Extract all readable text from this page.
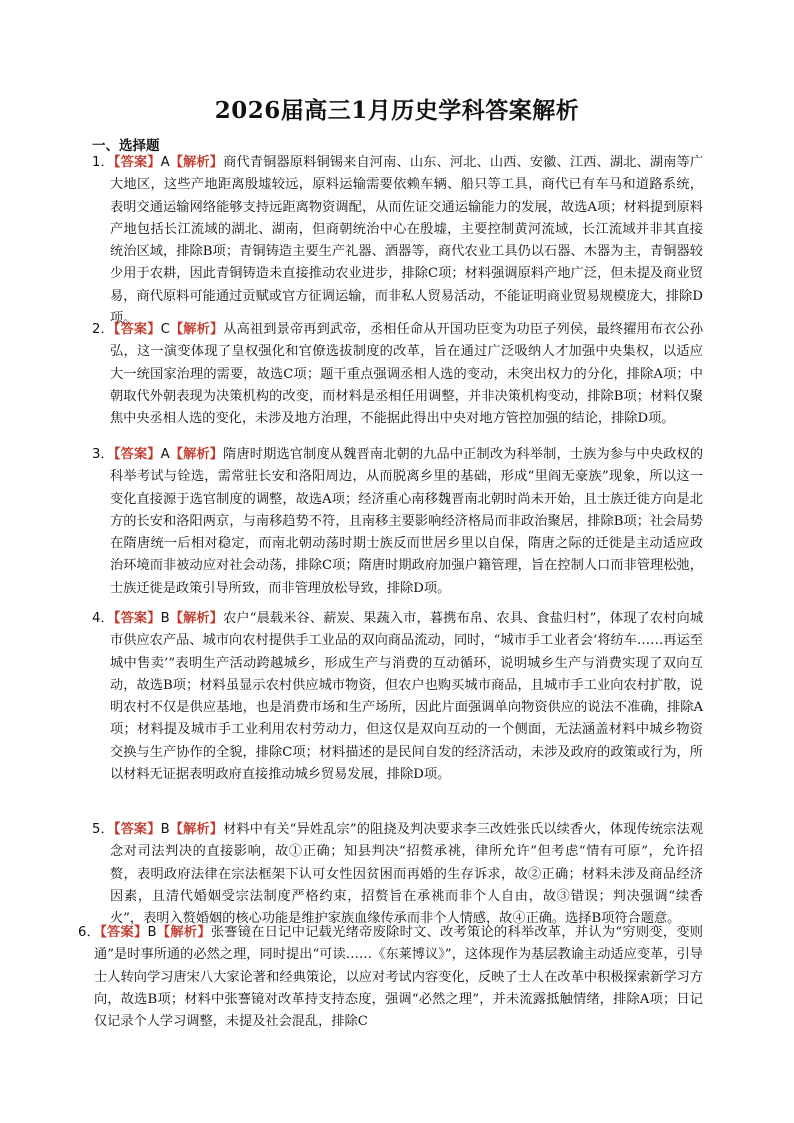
2026届高三1月历史学科答案解析
一、选择题
1．【答案】A【解析】商代青铜器原料铜锡来自河南、山东、河北、山西、安徽、江西、湖北、湖南等广大地区，这些产地距离殷墟较远，原料运输需要依赖车辆、船只等工具，商代已有车马和道路系统，表明交通运输网络能够支持远距离物资调配，从而佐证交通运输能力的发展，故选A项；材料提到原料产地包括长江流域的湖北、湖南，但商朝统治中心在殷墟，主要控制黄河流域，长江流域并非其直接统治区域，排除B项；青铜铸造主要生产礼器、酒器等，商代农业工具仍以石器、木器为主，青铜器较少用于农耕，因此青铜铸造未直接推动农业进步，排除C项；材料强调原料产地广泛，但未提及商业贸易，商代原料可能通过贡赋或官方征调运输，而非私人贸易活动，不能证明商业贸易规模庞大，排除D项。
2．【答案】C【解析】从高祖到景帝再到武帝，丞相任命从开国功臣变为功臣子列侯，最终擢用布衣公孙弘，这一演变体现了皇权强化和官僚选拔制度的改革，旨在通过广泛吸纳人才加强中央集权，以适应大一统国家治理的需要，故选C项；题干重点强调丞相人选的变动，未突出权力的分化，排除A项；中朝取代外朝表现为决策机构的改变，而材料是丞相任用调整，并非决策机构变动，排除B项；材料仅聚焦中央丞相人选的变化，未涉及地方治理，不能据此得出中央对地方管控加强的结论，排除D项。
3．【答案】A【解析】隋唐时期选官制度从魏晋南北朝的九品中正制改为科举制，士族为参与中央政权的科举考试与铨选，需常驻长安和洛阳周边，从而脱离乡里的基础，形成“里阎无豪族”现象，所以这一变化直接源于选官制度的调整，故选A项；经济重心南移魏晋南北朝时尚未开始，且士族迁徙方向是北方的长安和洛阳两京，与南移趋势不符，且南移主要影响经济格局而非政治聚居，排除B项；社会局势在隋唐统一后相对稳定，而南北朝动荡时期士族反而世居乡里以自保，隋唐之际的迁徙是主动适应政治环境而非被动应对社会动荡，排除C项；隋唐时期政府加强户籍管理，旨在控制人口而非管理松弛，士族迁徙是政策引导所致，而非管理放松导致，排除D项。
4．【答案】B【解析】农户“晨载米谷、薪炭、果蔬入市，暮携布帛、农具、食盐归村”，体现了农村向城市供应农产品、城市向农村提供手工业品的双向商品流动，同时，“城市手工业者会‘将纺车……再运至城中售卖’”表明生产活动跨越城乡，形成生产与消费的互动循环，说明城乡生产与消费实现了双向互动，故选B项；材料虽显示农村供应城市物资，但农户也购买城市商品，且城市手工业向农村扩散，说明农村不仅是供应基地，也是消费市场和生产场所，因此片面强调单向物资供应的说法不准确，排除A项；材料提及城市手工业利用农村劳动力，但这仅是双向互动的一个侧面，无法涵盖材料中城乡物资交换与生产协作的全貌，排除C项；材料描述的是民间自发的经济活动，未涉及政府的政策或行为，所以材料无证据表明政府直接推动城乡贸易发展，排除D项。
5．【答案】B【解析】材料中有关“异姓乱宗”的阻挠及判决要求李三改姓张氏以续香火，体现传统宗法观念对司法判决的直接影响，故①正确；知县判决“招赘承祧，律所允许”但考虑“情有可原”，允许招赘，表明政府法律在宗法框架下认可女性因贫困而再婚的生存诉求，故②正确；材料未涉及商品经济因素，且清代婚姻受宗法制度严格约束，招赘旨在承祧而非个人自由，故③错误；判决强调“续香火”，表明入赘婚姻的核心功能是维护家族血缘传承而非个人情感，故④正确。选择B项符合题意。
6．【答案】B【解析】张謇镜在日记中记载光绪帝废除时文、改考策论的科举改革，并认为“穷则变，变则通”是时事所通的必然之理，同时提出“可读……《东莱博议》”，这体现作为基层教谕主动适应变革，引导士人转向学习唐宋八大家论著和经典策论，以应对考试内容变化，反映了士人在改革中积极探索新学习方向，故选B项；材料中张謇镜对改革持支持态度，强调“必然之理”，并未流露抵触情绪，排除A项；日记仅记录个人学习调整，未提及社会混乱，排除C
